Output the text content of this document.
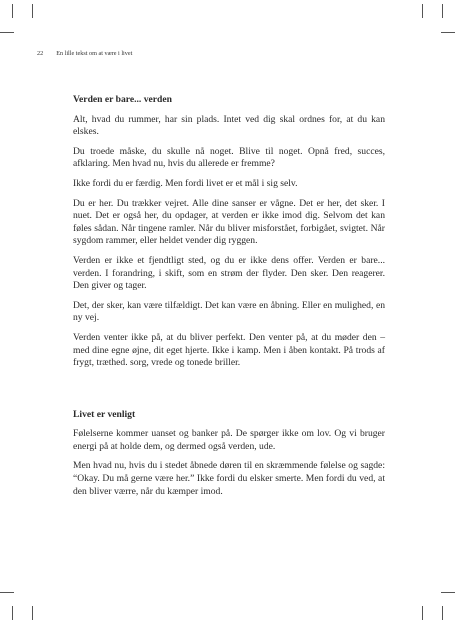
22 En lille tekst om at være i livet
Verden er bare... verden

Alt, hvad du rummer, har sin plads. Intet ved dig skal ordnes for, at du kan elskes.

Du troede måske, du skulle nå noget. Blive til noget. Opnå fred, succes, afklaring. Men hvad nu, hvis du allerede er fremme?

Ikke fordi du er færdig. Men fordi livet er et mål i sig selv.

Du er her. Du trækker vejret. Alle dine sanser er vågne. Det er her, det sker. I nuet. Det er også her, du opdager, at verden er ikke imod dig. Selvom det kan føles sådan. Når tingene ramler. Når du bliver misforstået, forbigået, svigtet. Når sygdom rammer, eller heldet vender dig ryggen.

Verden er ikke et fjendtligt sted, og du er ikke dens offer. Verden er bare... verden. I forandring, i skift, som en strøm der flyder. Den sker. Den reagerer. Den giver og tager.

Det, der sker, kan være tilfældigt. Det kan være en åbning. Eller en mulighed, en ny vej.

Verden venter ikke på, at du bliver perfekt. Den venter på, at du møder den – med dine egne øjne, dit eget hjerte. Ikke i kamp. Men i åben kontakt. På trods af frygt, træthed. sorg, vrede og tonede briller.

Livet er venligt

Følelserne kommer uanset og banker på. De spørger ikke om lov. Og vi bruger energi på at holde dem, og dermed også verden, ude.

Men hvad nu, hvis du i stedet åbnede døren til en skræmmende følelse og sagde: “Okay. Du må gerne være her.” Ikke fordi du elsker smerte. Men fordi du ved, at den bliver værre, når du kæmper imod.
